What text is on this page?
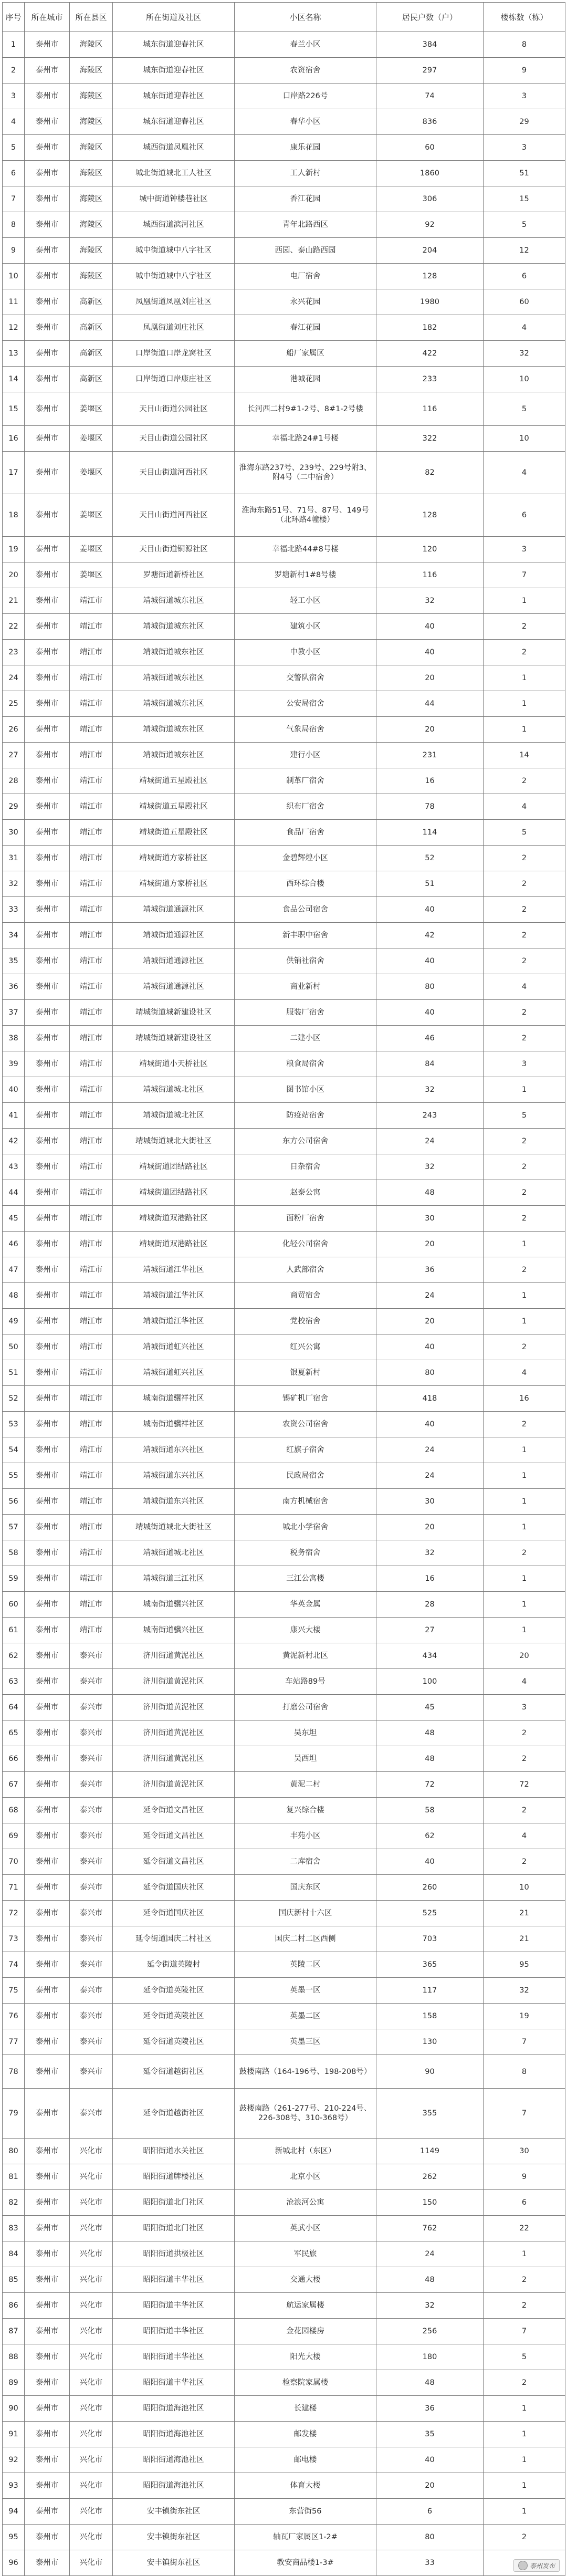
序号	所在城市	所在县区	所在街道及社区	小区名称	居民户数（户）	楼栋数（栋）
1	泰州市	海陵区	城东街道迎春社区	春兰小区	384	8
2	泰州市	海陵区	城东街道迎春社区	农资宿舍	297	9
3	泰州市	海陵区	城东街道迎春社区	口岸路226号	74	3
4	泰州市	海陵区	城东街道迎春社区	春华小区	836	29
5	泰州市	海陵区	城西街道凤凰社区	康乐花园	60	3
6	泰州市	海陵区	城北街道城北工人社区	工人新村	1860	51
7	泰州市	海陵区	城中街道钟楼巷社区	香江花园	306	15
8	泰州市	海陵区	城西街道滨河社区	青年北路西区	92	5
9	泰州市	海陵区	城中街道城中八字社区	西园、泰山路西园	204	12
10	泰州市	海陵区	城中街道城中八字社区	电厂宿舍	128	6
11	泰州市	高新区	凤凰街道凤凰刘庄社区	永兴花园	1980	60
12	泰州市	高新区	凤凰街道刘庄社区	春江花园	182	4
13	泰州市	高新区	口岸街道口岸龙窝社区	船厂家属区	422	32
14	泰州市	高新区	口岸街道口岸康庄社区	港城花园	233	10
15	泰州市	姜堰区	天目山街道公园社区	长河西二村9#1-2号、8#1-2号楼	116	5
16	泰州市	姜堰区	天目山街道公园社区	幸福北路24#1号楼	322	10
17	泰州市	姜堰区	天目山街道河西社区	淮海东路237号、239号、229号附3、附4号（二中宿舍）	82	4
18	泰州市	姜堰区	天目山街道河西社区	淮海东路51号、71号、87号、149号（北环路4幢楼）	128	6
19	泰州市	姜堰区	天目山街道铜源社区	幸福北路44#8号楼	120	3
20	泰州市	姜堰区	罗塘街道新桥社区	罗塘新村1#8号楼	116	7
21	泰州市	靖江市	靖城街道城东社区	轻工小区	32	1
22	泰州市	靖江市	靖城街道城东社区	建筑小区	40	2
23	泰州市	靖江市	靖城街道城东社区	中教小区	40	2
24	泰州市	靖江市	靖城街道城东社区	交警队宿舍	20	1
25	泰州市	靖江市	靖城街道城东社区	公安局宿舍	44	1
26	泰州市	靖江市	靖城街道城东社区	气象局宿舍	20	1
27	泰州市	靖江市	靖城街道城东社区	建行小区	231	14
28	泰州市	靖江市	靖城街道五星殿社区	制革厂宿舍	16	2
29	泰州市	靖江市	靖城街道五星殿社区	织布厂宿舍	78	4
30	泰州市	靖江市	靖城街道五星殿社区	食品厂宿舍	114	5
31	泰州市	靖江市	靖城街道方家桥社区	金碧辉煌小区	52	2
32	泰州市	靖江市	靖城街道方家桥社区	西环综合楼	51	2
33	泰州市	靖江市	靖城街道通源社区	食品公司宿舍	40	2
34	泰州市	靖江市	靖城街道通源社区	新丰职中宿舍	42	2
35	泰州市	靖江市	靖城街道通源社区	供销社宿舍	40	2
36	泰州市	靖江市	靖城街道通源社区	商业新村	80	4
37	泰州市	靖江市	靖城街道城新建设社区	服装厂宿舍	40	2
38	泰州市	靖江市	靖城街道城新建设社区	二建小区	46	2
39	泰州市	靖江市	靖城街道小天桥社区	粮食局宿舍	84	3
40	泰州市	靖江市	靖城街道城北社区	图书馆小区	32	1
41	泰州市	靖江市	靖城街道城北社区	防疫站宿舍	243	5
42	泰州市	靖江市	靖城街道城北大街社区	东方公司宿舍	24	2
43	泰州市	靖江市	靖城街道团结路社区	日杂宿舍	32	2
44	泰州市	靖江市	靖城街道团结路社区	赵泰公寓	48	2
45	泰州市	靖江市	靖城街道双港路社区	面粉厂宿舍	30	2
46	泰州市	靖江市	靖城街道双港路社区	化轻公司宿舍	20	1
47	泰州市	靖江市	靖城街道江华社区	人武部宿舍	36	2
48	泰州市	靖江市	靖城街道江华社区	商贸宿舍	24	1
49	泰州市	靖江市	靖城街道江华社区	党校宿舍	20	1
50	泰州市	靖江市	靖城街道虹兴社区	红兴公寓	40	2
51	泰州市	靖江市	靖城街道虹兴社区	银夏新村	80	4
52	泰州市	靖江市	城南街道骥祥社区	锡矿机厂宿舍	418	16
53	泰州市	靖江市	城南街道骥祥社区	农资公司宿舍	40	2
54	泰州市	靖江市	靖城街道东兴社区	红旗子宿舍	24	1
55	泰州市	靖江市	靖城街道东兴社区	民政局宿舍	24	1
56	泰州市	靖江市	靖城街道东兴社区	南方机械宿舍	30	1
57	泰州市	靖江市	靖城街道城北大街社区	城北小学宿舍	20	1
58	泰州市	靖江市	靖城街道城北社区	税务宿舍	32	2
59	泰州市	靖江市	靖城街道三江社区	三江公寓楼	16	1
60	泰州市	靖江市	城南街道骥兴社区	华英金属	28	1
61	泰州市	靖江市	城南街道骥兴社区	康兴大楼	27	1
62	泰州市	泰兴市	济川街道黄泥社区	黄泥新村北区	434	20
63	泰州市	泰兴市	济川街道黄泥社区	车站路89号	100	4
64	泰州市	泰兴市	济川街道黄泥社区	打磨公司宿舍	45	3
65	泰州市	泰兴市	济川街道黄泥社区	吴东坦	48	2
66	泰州市	泰兴市	济川街道黄泥社区	吴西坦	48	2
67	泰州市	泰兴市	济川街道黄泥社区	黄泥二村	72	72
68	泰州市	泰兴市	延令街道文昌社区	复兴综合楼	58	2
69	泰州市	泰兴市	延令街道文昌社区	丰苑小区	62	4
70	泰州市	泰兴市	延令街道文昌社区	二库宿舍	40	2
71	泰州市	泰兴市	延令街道国庆社区	国庆东区	260	10
72	泰州市	泰兴市	延令街道国庆社区	国庆新村十六区	525	21
73	泰州市	泰兴市	延令街道国庆二村社区	国庆二村二区西侧	703	21
74	泰州市	泰兴市	延令街道英陵村	英陵二区	365	95
75	泰州市	泰兴市	延令街道英陵社区	英墨一区	117	32
76	泰州市	泰兴市	延令街道英陵社区	英墨二区	158	19
77	泰州市	泰兴市	延令街道英陵社区	英墨三区	130	7
78	泰州市	泰兴市	延令街道越街社区	鼓楼南路（164-196号、198-208号）	90	8
79	泰州市	泰兴市	延令街道越街社区	鼓楼南路（261-277号、210-224号、226-308号、310-368号）	355	7
80	泰州市	兴化市	昭阳街道水关社区	新城北村（东区）	1149	30
81	泰州市	兴化市	昭阳街道牌楼社区	北京小区	262	9
82	泰州市	兴化市	昭阳街道北门社区	沧浪河公寓	150	6
83	泰州市	兴化市	昭阳街道北门社区	英武小区	762	22
84	泰州市	兴化市	昭阳街道拱极社区	军民旅	24	1
85	泰州市	兴化市	昭阳街道丰华社区	交通大楼	48	2
86	泰州市	兴化市	昭阳街道丰华社区	航运家属楼	32	2
87	泰州市	兴化市	昭阳街道丰华社区	金花园楼房	256	7
88	泰州市	兴化市	昭阳街道丰华社区	阳光大楼	180	5
89	泰州市	兴化市	昭阳街道丰华社区	检察院家属楼	48	2
90	泰州市	兴化市	昭阳街道海池社区	长建楼	36	1
91	泰州市	兴化市	昭阳街道海池社区	邮发楼	35	1
92	泰州市	兴化市	昭阳街道海池社区	邮电楼	40	1
93	泰州市	兴化市	昭阳街道海池社区	体育大楼	20	1
94	泰州市	兴化市	安丰镇街东社区	东营街56	6	1
95	泰州市	兴化市	安丰镇街东社区	轴瓦厂家属区1-2#	80	2
96	泰州市	兴化市	安丰镇街东社区	教安商品楼1-3#	33		泰州发布
